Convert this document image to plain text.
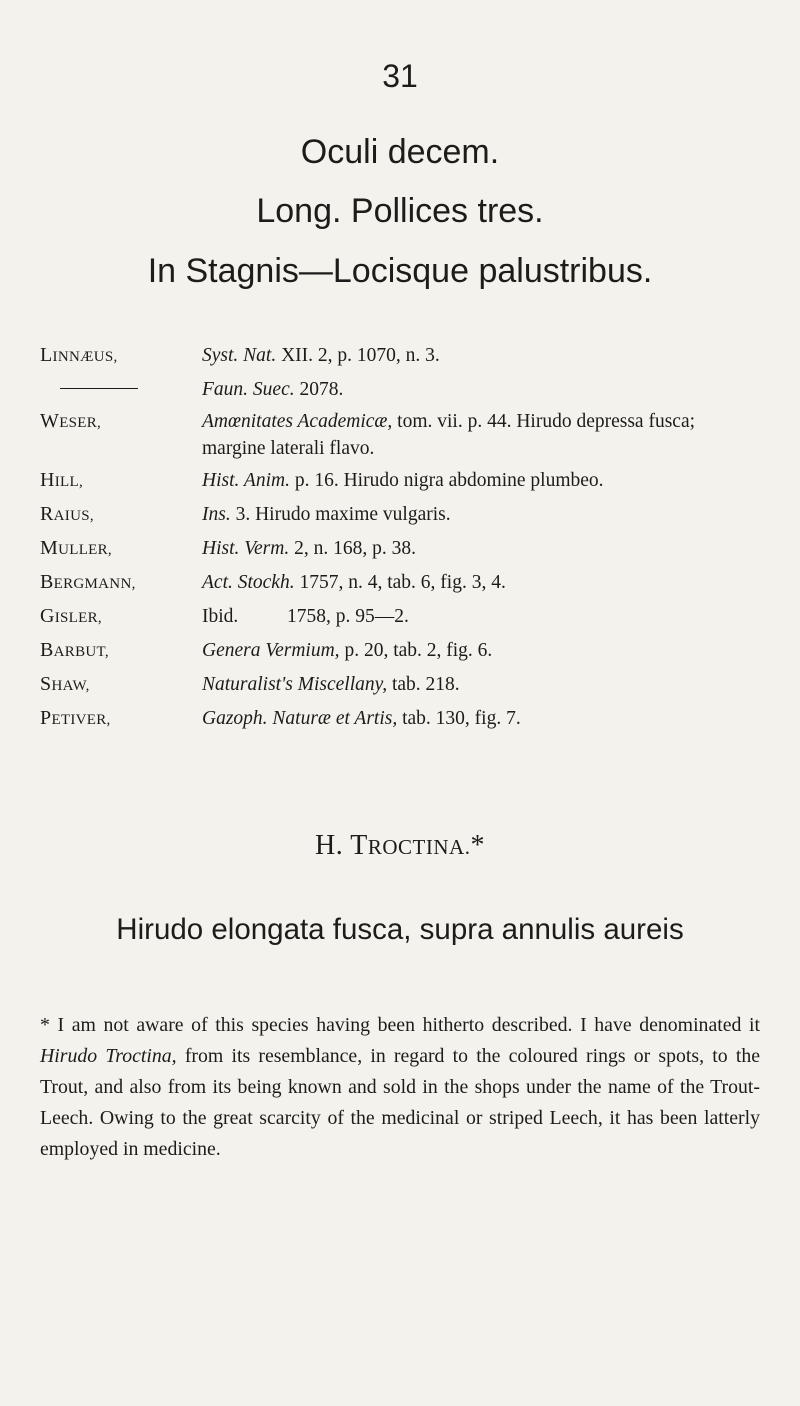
31
Oculi decem.
Long. Pollices tres.
In Stagnis—Locisque palustribus.
LINNÆUS,	Syst. Nat. XII. 2, p. 1070, n. 3.
Faun. Suec. 2078.
WESER,	Amœnitates Academicæ, tom. vii. p. 44. Hirudo depressa fusca; margine laterali flavo.
HILL,	Hist. Anim. p. 16. Hirudo nigra abdomine plumbeo.
RAIUS,	Ins. 3. Hirudo maxime vulgaris.
MULLER,	Hist. Verm. 2, n. 168, p. 38.
BERGMANN,	Act. Stockh. 1757, n. 4, tab. 6, fig. 3, 4.
GISLER,	Ibid.          1758, p. 95—2.
BARBUT,	Genera Vermium, p. 20, tab. 2, fig. 6.
SHAW,	Naturalist's Miscellany, tab. 218.
PETIVER,	Gazoph. Naturæ et Artis, tab. 130, fig. 7.
H. TROCTINA.*
Hirudo elongata fusca, supra annulis aureis
* I am not aware of this species having been hitherto described. I have denominated it Hirudo Troctina, from its resemblance, in regard to the coloured rings or spots, to the Trout, and also from its being known and sold in the shops under the name of the Trout-Leech. Owing to the great scarcity of the medicinal or striped Leech, it has been latterly employed in medicine.
